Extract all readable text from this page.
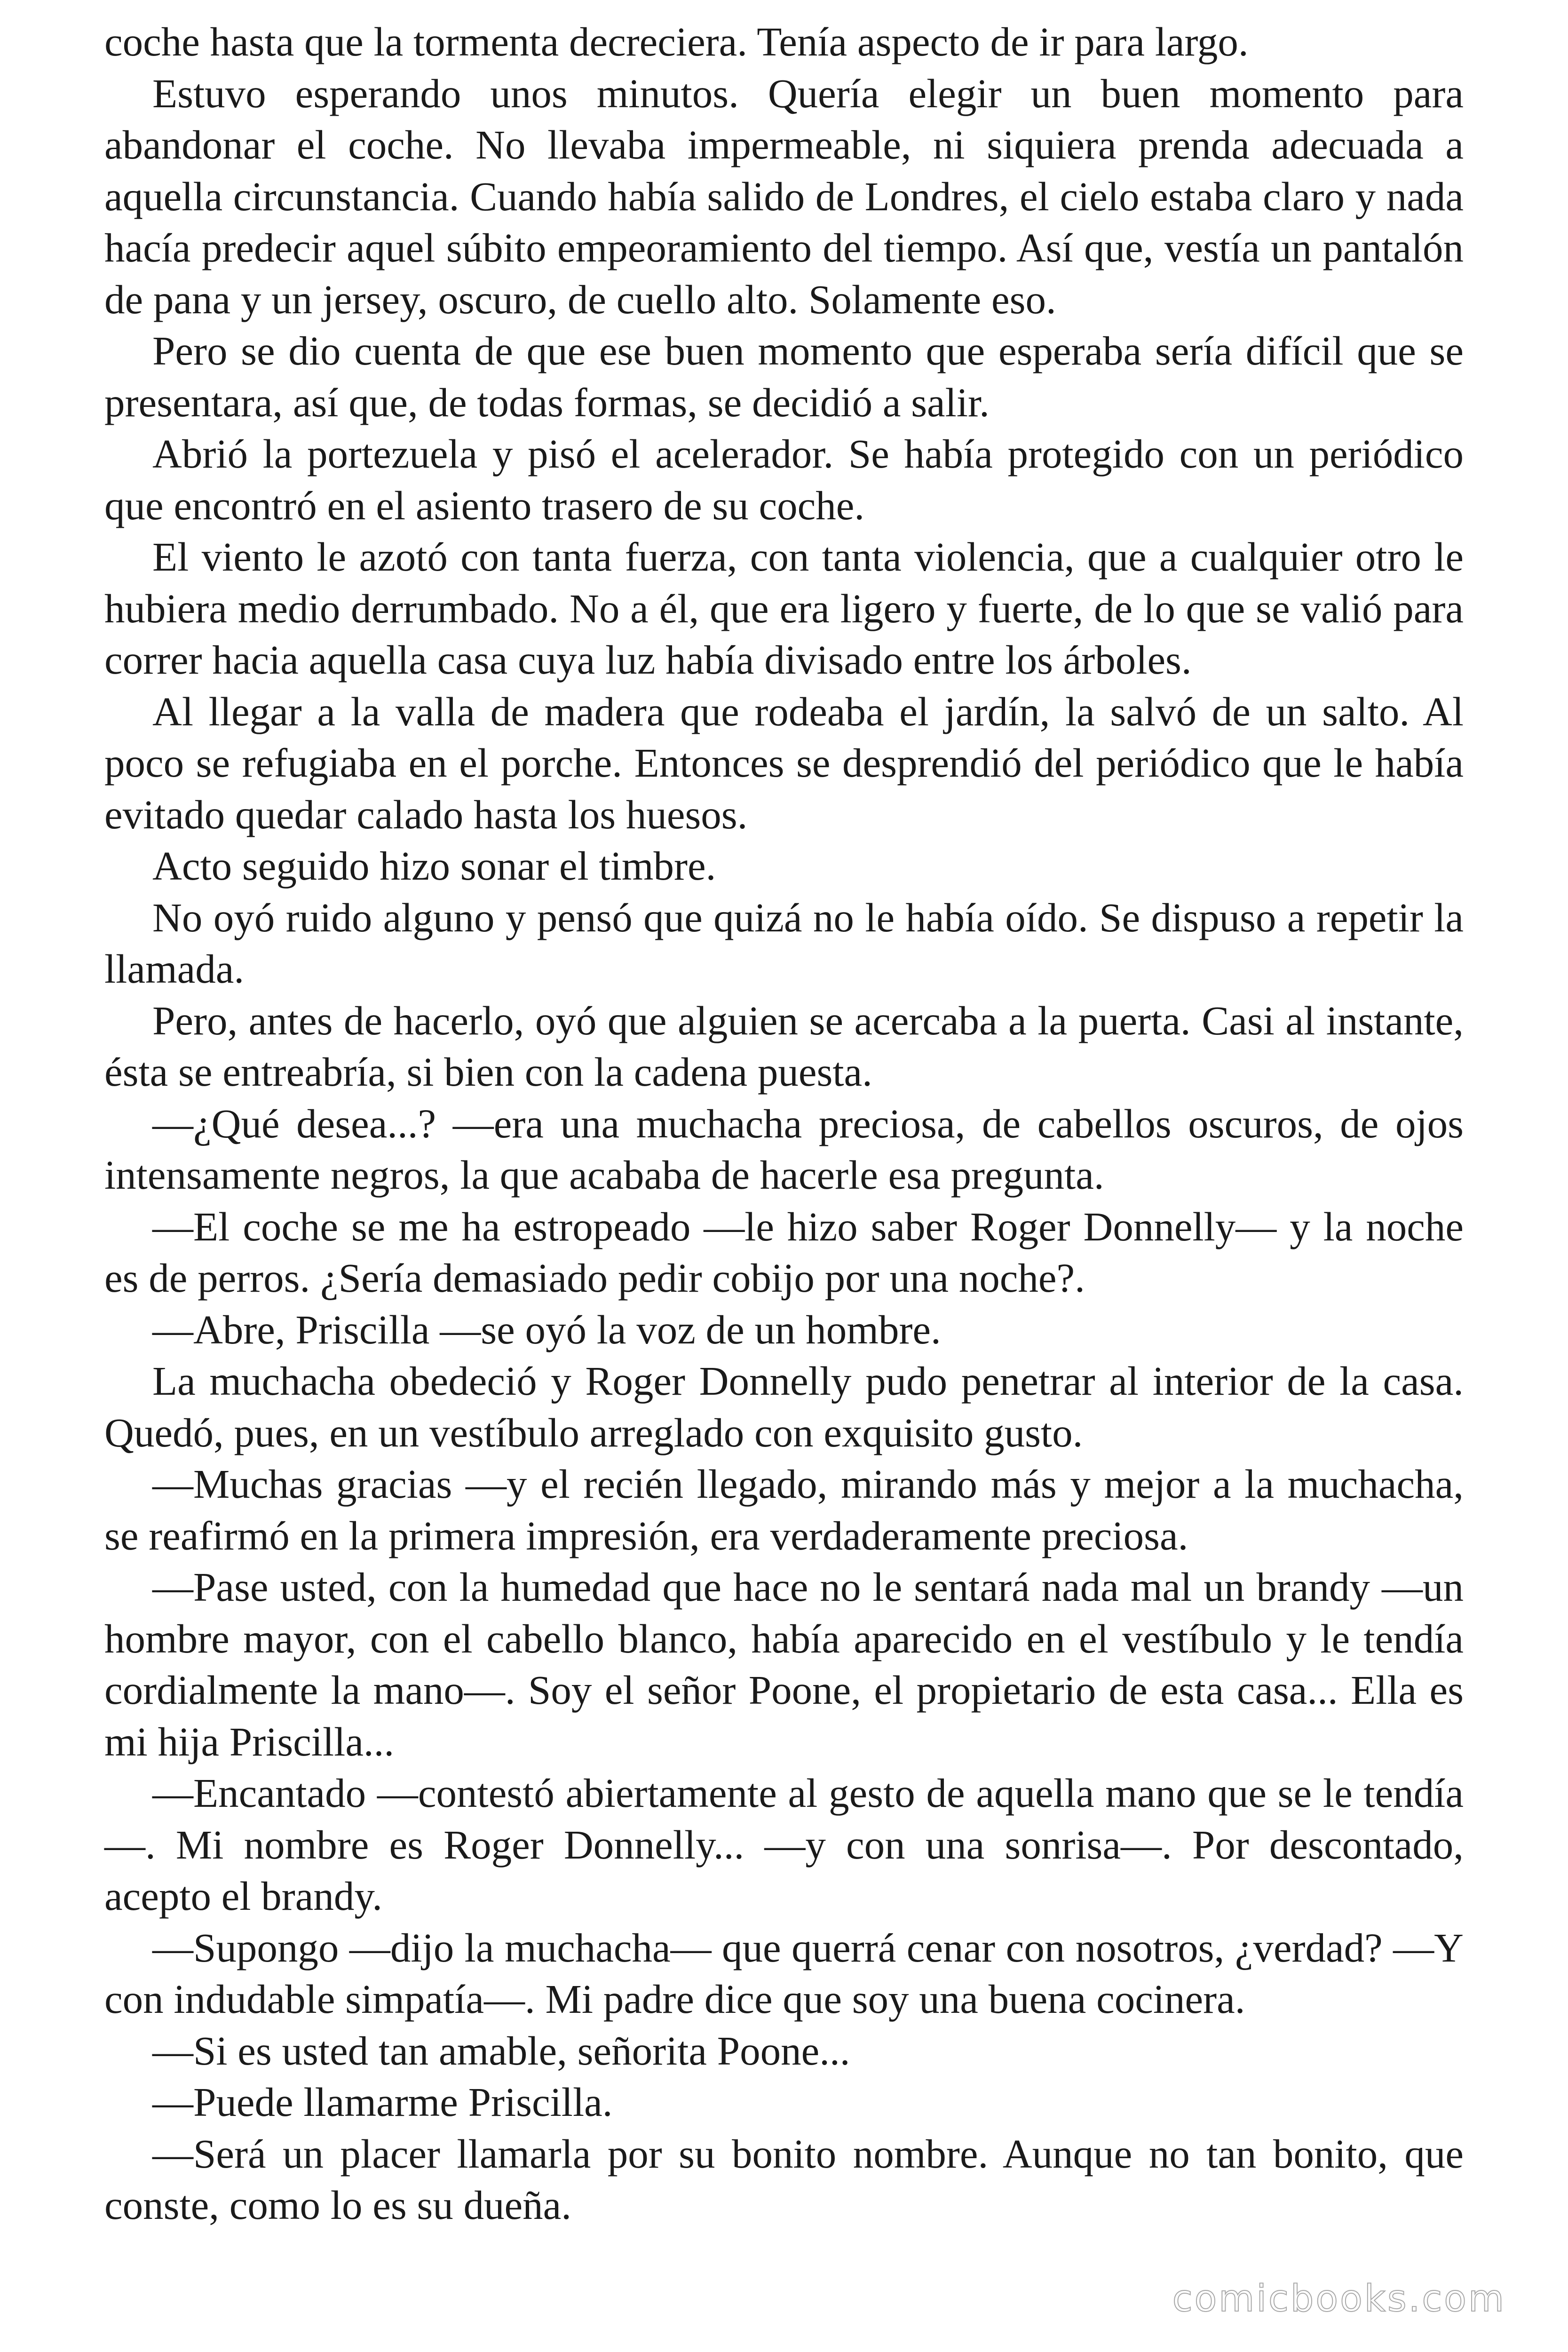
coche hasta que la tormenta decreciera. Tenía aspecto de ir para largo.

Estuvo esperando unos minutos. Quería elegir un buen momento para abandonar el coche. No llevaba impermeable, ni siquiera prenda adecuada a aquella circunstancia. Cuando había salido de Londres, el cielo estaba claro y nada hacía predecir aquel súbito empeoramiento del tiempo. Así que, vestía un pantalón de pana y un jersey, oscuro, de cuello alto. Solamente eso.

Pero se dio cuenta de que ese buen momento que esperaba sería difícil que se presentara, así que, de todas formas, se decidió a salir.

Abrió la portezuela y pisó el acelerador. Se había protegido con un periódico que encontró en el asiento trasero de su coche.

El viento le azotó con tanta fuerza, con tanta violencia, que a cualquier otro le hubiera medio derrumbado. No a él, que era ligero y fuerte, de lo que se valió para correr hacia aquella casa cuya luz había divisado entre los árboles.

Al llegar a la valla de madera que rodeaba el jardín, la salvó de un salto. Al poco se refugiaba en el porche. Entonces se desprendió del periódico que le había evitado quedar calado hasta los huesos.

Acto seguido hizo sonar el timbre.

No oyó ruido alguno y pensó que quizá no le había oído. Se dispuso a repetir la llamada.

Pero, antes de hacerlo, oyó que alguien se acercaba a la puerta. Casi al instante, ésta se entreabría, si bien con la cadena puesta.

—¿Qué desea...? —era una muchacha preciosa, de cabellos oscuros, de ojos intensamente negros, la que acababa de hacerle esa pregunta.

—El coche se me ha estropeado —le hizo saber Roger Donnelly— y la noche es de perros. ¿Sería demasiado pedir cobijo por una noche?.

—Abre, Priscilla —se oyó la voz de un hombre.

La muchacha obedeció y Roger Donnelly pudo penetrar al interior de la casa. Quedó, pues, en un vestíbulo arreglado con exquisito gusto.

—Muchas gracias —y el recién llegado, mirando más y mejor a la muchacha, se reafirmó en la primera impresión, era verdaderamente preciosa.

—Pase usted, con la humedad que hace no le sentará nada mal un brandy —un hombre mayor, con el cabello blanco, había aparecido en el vestíbulo y le tendía cordialmente la mano—. Soy el señor Poone, el propietario de esta casa... Ella es mi hija Priscilla...

—Encantado —contestó abiertamente al gesto de aquella mano que se le tendía—. Mi nombre es Roger Donnelly... —y con una sonrisa—. Por descontado, acepto el brandy.

—Supongo —dijo la muchacha— que querrá cenar con nosotros, ¿verdad? —Y con indudable simpatía—. Mi padre dice que soy una buena cocinera.

—Si es usted tan amable, señorita Poone...

—Puede llamarme Priscilla.

—Será un placer llamarla por su bonito nombre. Aunque no tan bonito, que conste, como lo es su dueña.

comicbooks.com
